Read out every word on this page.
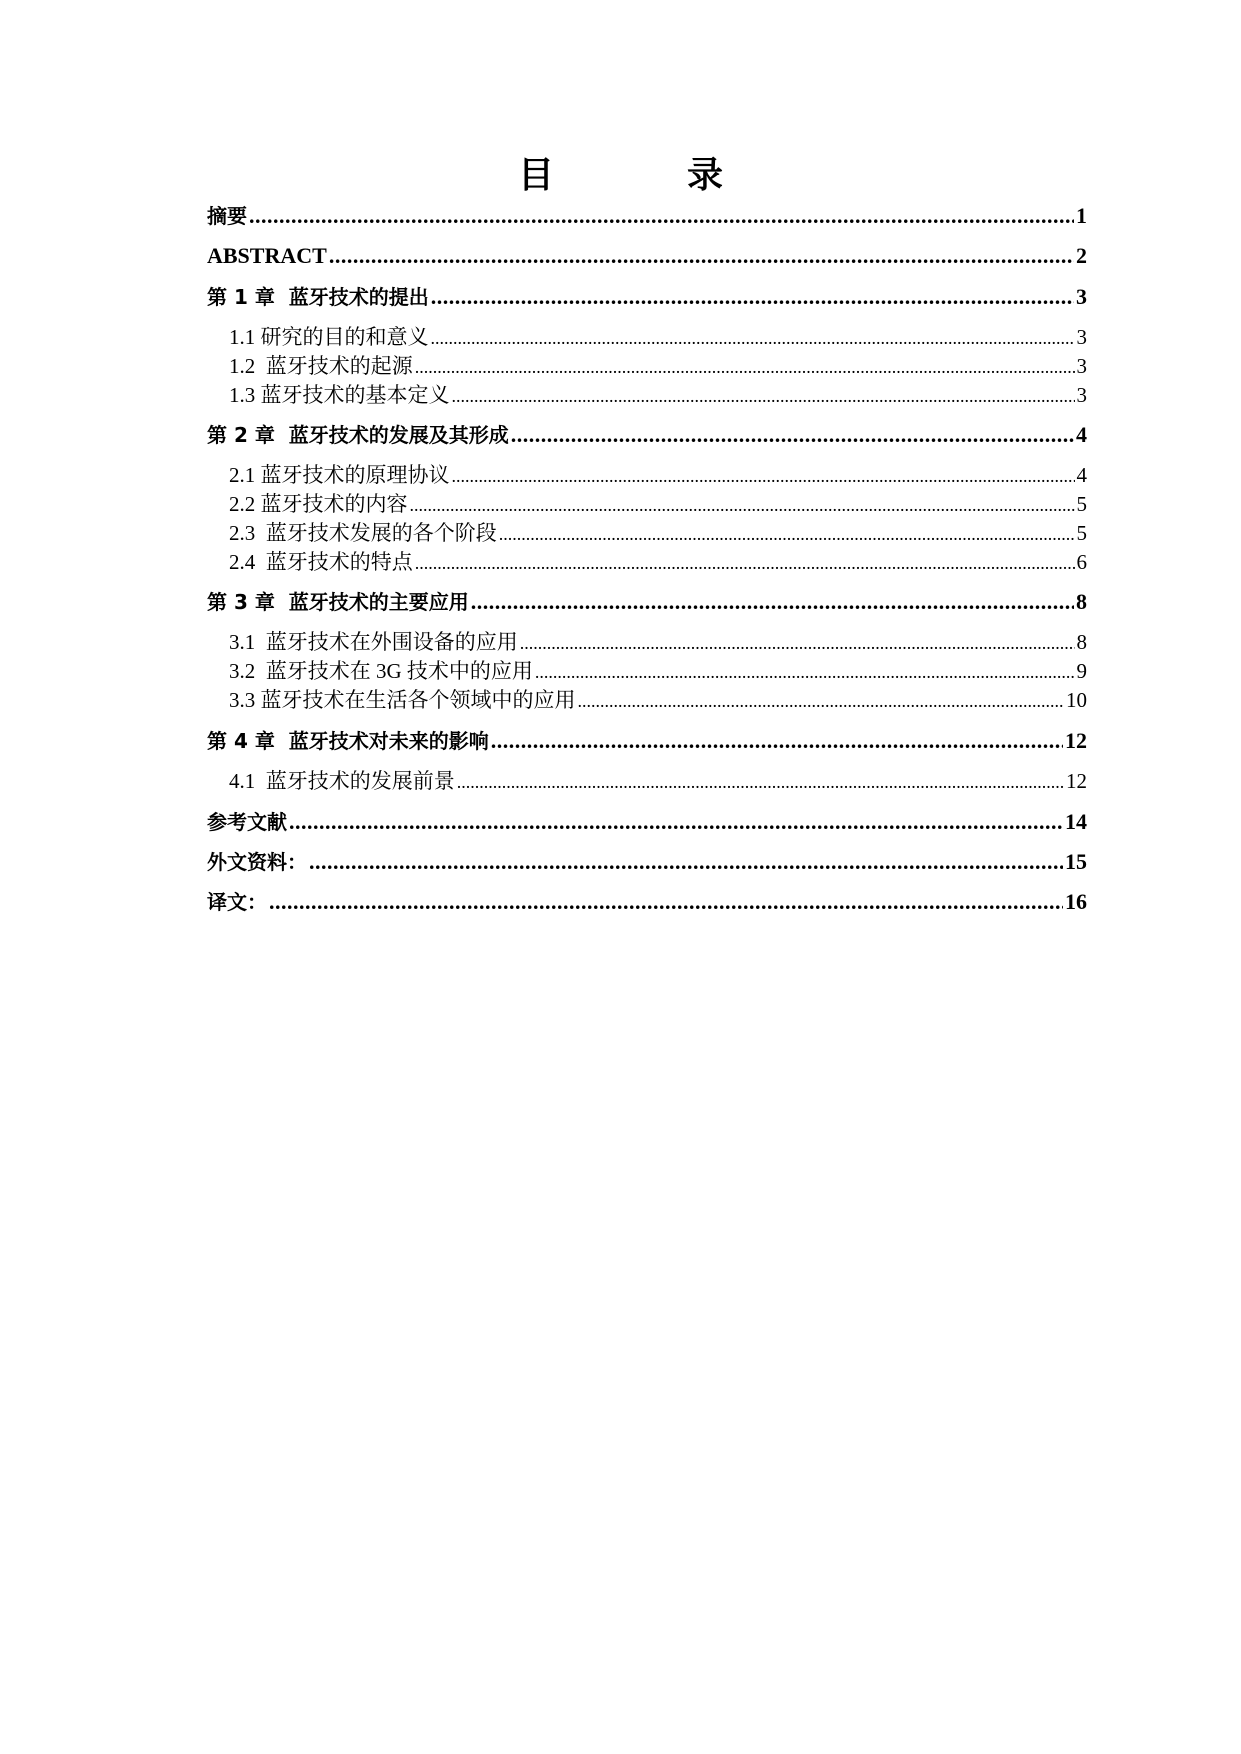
目  录
摘要 .....	1
ABSTRACT .....	2
第 1 章  蓝牙技术的提出 .....	3
1.1 研究的目的和意义 .....	3
1.2  蓝牙技术的起源 .....	3
1.3 蓝牙技术的基本定义 .....	3
第 2 章  蓝牙技术的发展及其形成 .....	4
2.1 蓝牙技术的原理协议 .....	4
2.2 蓝牙技术的内容 .....	5
2.3  蓝牙技术发展的各个阶段 .....	5
2.4  蓝牙技术的特点 .....	6
第 3 章  蓝牙技术的主要应用 .....	8
3.1  蓝牙技术在外围设备的应用 .....	8
3.2  蓝牙技术在 3G 技术中的应用 .....	9
3.3 蓝牙技术在生活各个领域中的应用 .....	10
第 4 章  蓝牙技术对未来的影响 .....	12
4.1  蓝牙技术的发展前景 .....	12
参考文献 .....	14
外文资料： .....	15
译文： .....	16
